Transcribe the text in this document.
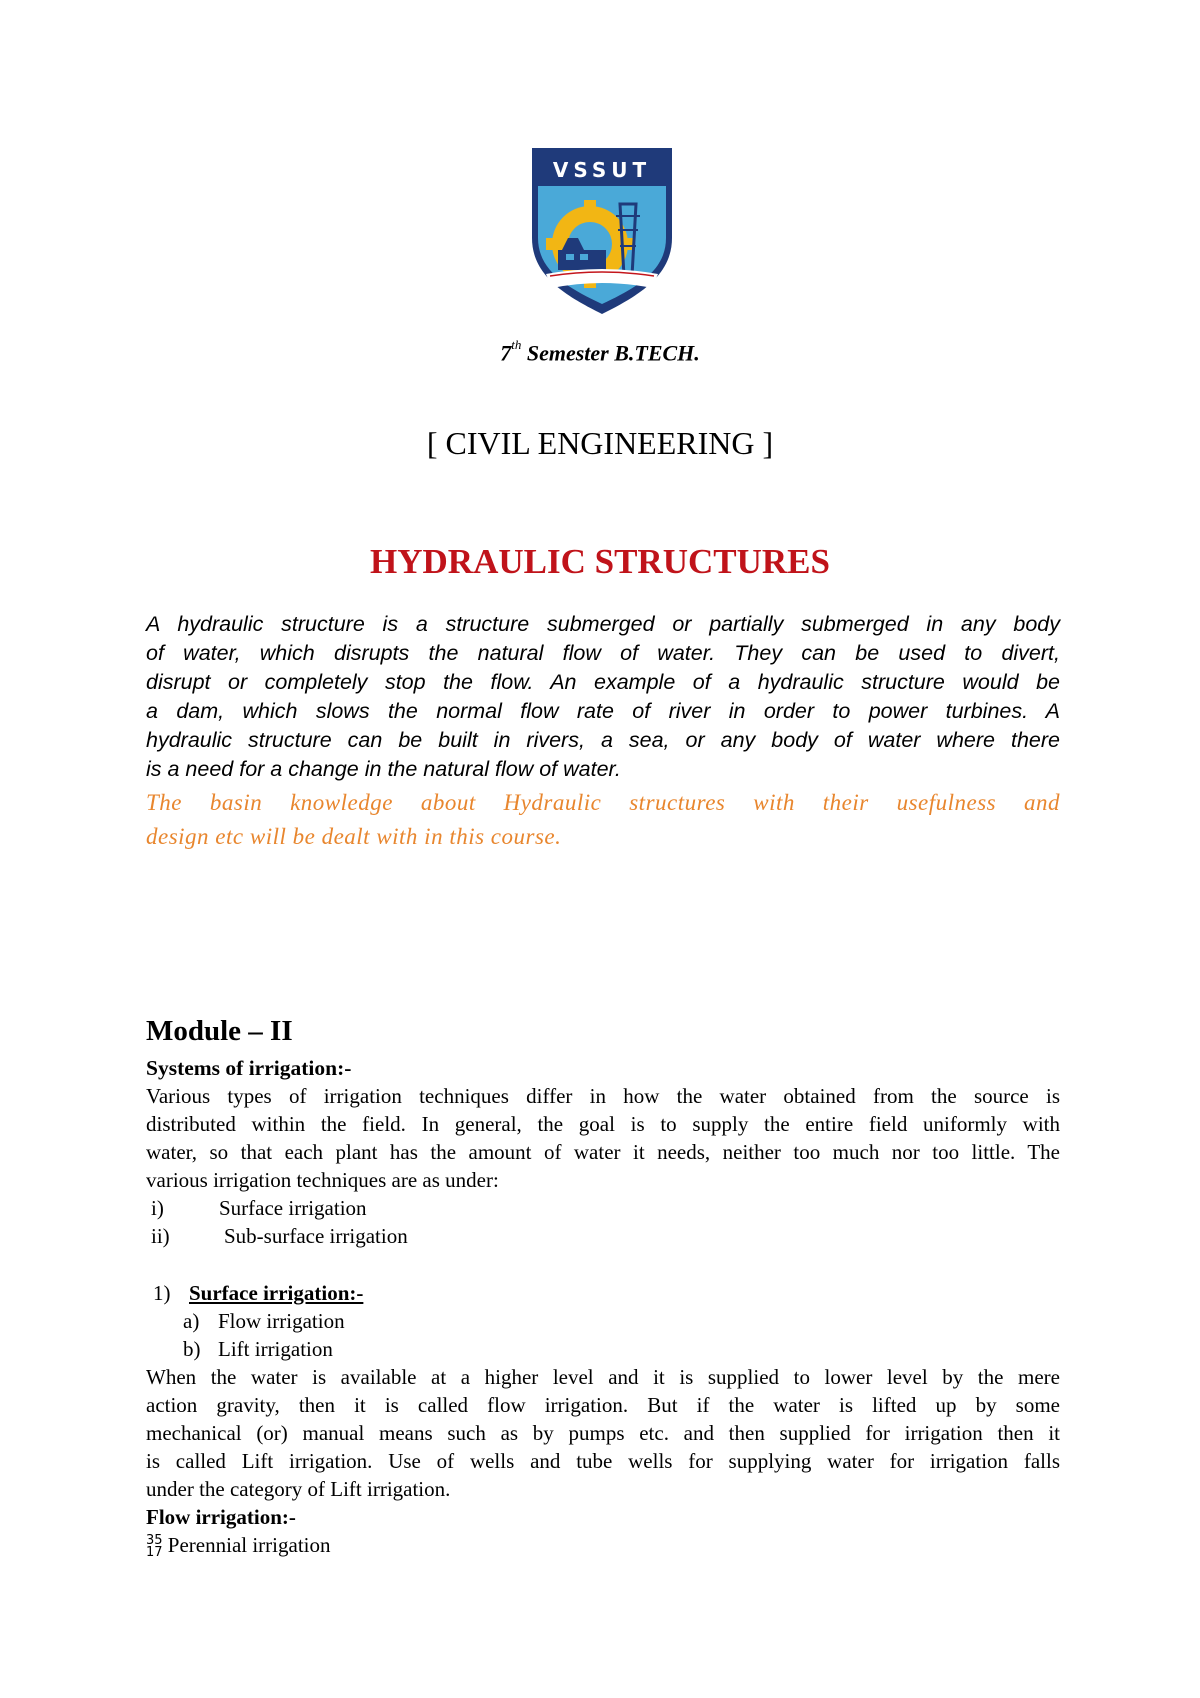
VSSUT
7th Semester B.TECH.
[ CIVIL ENGINEERING ]
HYDRAULIC STRUCTURES
A hydraulic structure is a structure submerged or partially submerged in any body
of water, which disrupts the natural flow of water. They can be used to divert,
disrupt or completely stop the flow. An example of a hydraulic structure would be
a dam, which slows the normal flow rate of river in order to power turbines. A
hydraulic structure can be built in rivers, a sea, or any body of water where there
is a need for a change in the natural flow of water.
The basin knowledge about Hydraulic structures with their usefulness and
design etc will be dealt with in this course.
Module – II
Systems of irrigation:-
Various types of irrigation techniques differ in how the water obtained from the source is
distributed within the field. In general, the goal is to supply the entire field uniformly with
water, so that each plant has the amount of water it needs, neither too much nor too little. The
various irrigation techniques are as under:
i)	Surface irrigation
ii)	Sub-surface irrigation
1) Surface irrigation:-
a) Flow irrigation
b) Lift irrigation
When the water is available at a higher level and it is supplied to lower level by the mere
action gravity, then it is called flow irrigation. But if the water is lifted up by some
mechanical (or) manual means such as by pumps etc. and then supplied for irrigation then it
is called Lift irrigation. Use of wells and tube wells for supplying water for irrigation falls
under the category of Lift irrigation.
Flow irrigation:-
35
17 Perennial irrigation
